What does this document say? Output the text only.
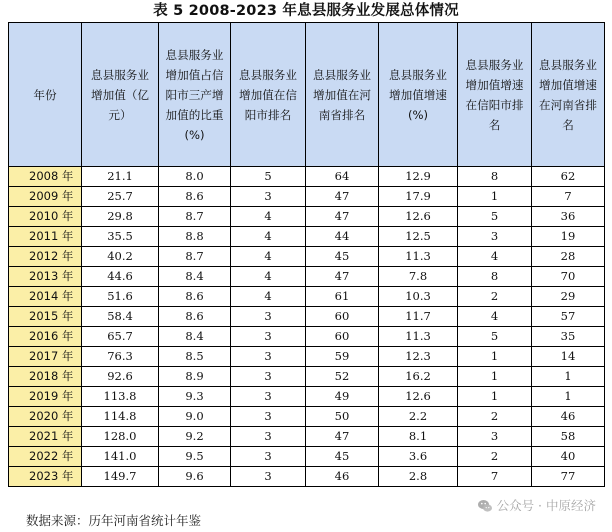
表 5 2008-2023 年息县服务业发展总体情况
年份	息县服务业增加值（亿元）	息县服务业增加值占信阳市三产增加值的比重(%)	息县服务业增加值在信阳市排名	息县服务业增加值在河南省排名	息县服务业增加值增速(%)	息县服务业增加值增速在信阳市排名	息县服务业增加值增速在河南省排名
2008 年	21.1	8.0	5	64	12.9	8	62
2009 年	25.7	8.6	3	47	17.9	1	7
2010 年	29.8	8.7	4	47	12.6	5	36
2011 年	35.5	8.8	4	44	12.5	3	19
2012 年	40.2	8.7	4	45	11.3	4	28
2013 年	44.6	8.4	4	47	7.8	8	70
2014 年	51.6	8.6	4	61	10.3	2	29
2015 年	58.4	8.6	3	60	11.7	4	57
2016 年	65.7	8.4	3	60	11.3	5	35
2017 年	76.3	8.5	3	59	12.3	1	14
2018 年	92.6	8.9	3	52	16.2	1	1
2019 年	113.8	9.3	3	49	12.6	1	1
2020 年	114.8	9.0	3	50	2.2	2	46
2021 年	128.0	9.2	3	47	8.1	3	58
2022 年	141.0	9.5	3	45	3.6	2	40
2023 年	149.7	9.6	3	46	2.8	7	77
数据来源：历年河南省统计年鉴
公众号 · 中原经济
